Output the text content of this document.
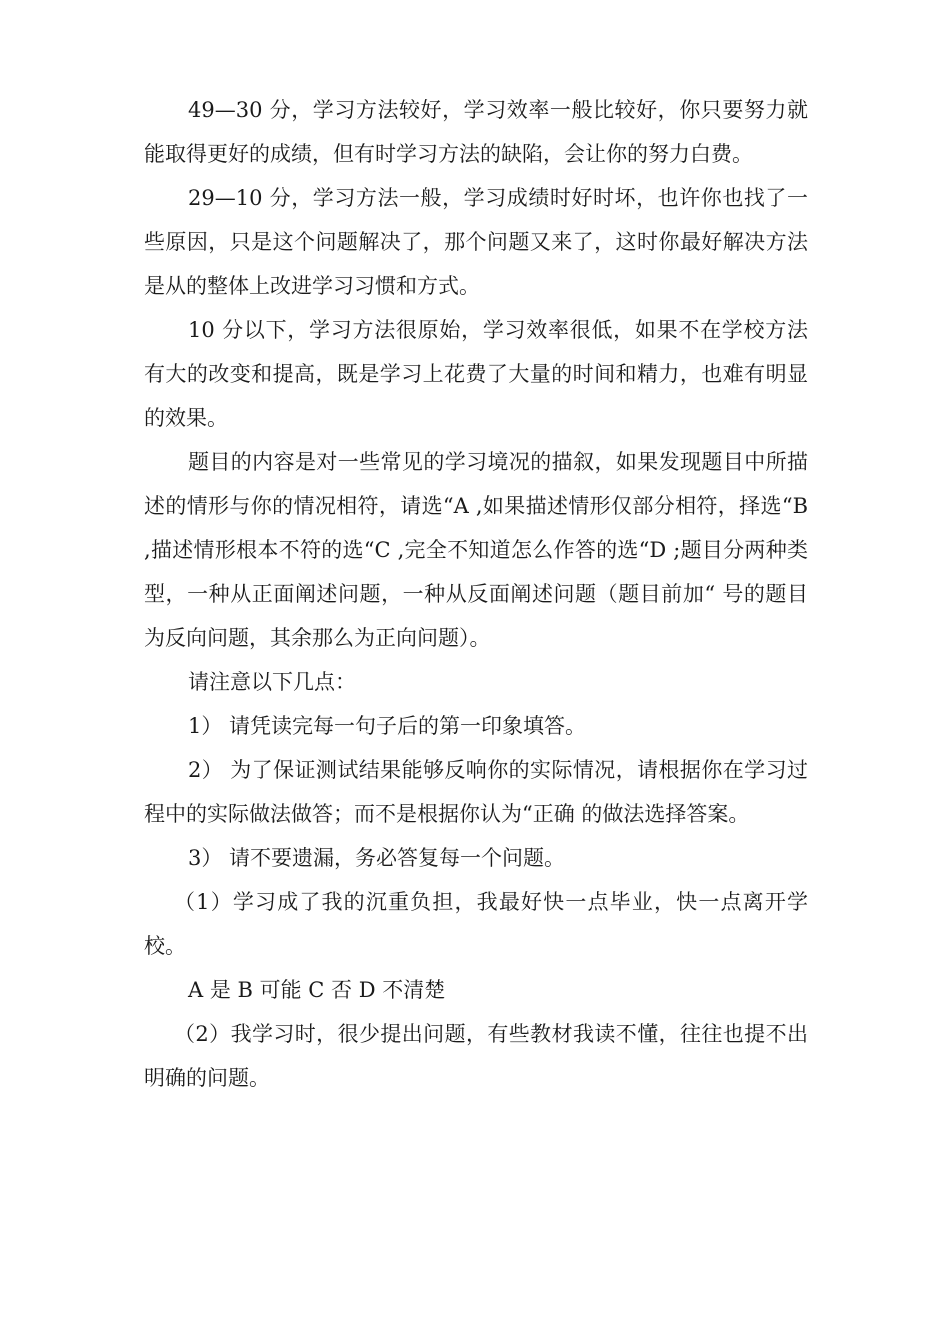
49—30 分，学习方法较好，学习效率一般比较好，你只要努力就能取得更好的成绩，但有时学习方法的缺陷，会让你的努力白费。

29—10 分，学习方法一般，学习成绩时好时坏，也许你也找了一些原因，只是这个问题解决了，那个问题又来了，这时你最好解决方法是从的整体上改进学习习惯和方式。

10 分以下，学习方法很原始，学习效率很低，如果不在学校方法有大的改变和提高，既是学习上花费了大量的时间和精力，也难有明显的效果。

题目的内容是对一些常见的学习境况的描叙，如果发现题目中所描述的情形与你的情况相符，请选“A ,如果描述情形仅部分相符，择选“B ,描述情形根本不符的选“C ,完全不知道怎么作答的选“D ;题目分两种类型，一种从正面阐述问题，一种从反面阐述问题（题目前加“ 号的题目为反向问题，其余那么为正向问题）。

请注意以下几点：

1） 请凭读完每一句子后的第一印象填答。

2） 为了保证测试结果能够反响你的实际情况，请根据你在学习过程中的实际做法做答；而不是根据你认为“正确 的做法选择答案。

3） 请不要遗漏，务必答复每一个问题。

（1）学习成了我的沉重负担，我最好快一点毕业，快一点离开学校。

A 是 B 可能 C 否 D 不清楚

（2）我学习时，很少提出问题，有些教材我读不懂，往往也提不出明确的问题。
